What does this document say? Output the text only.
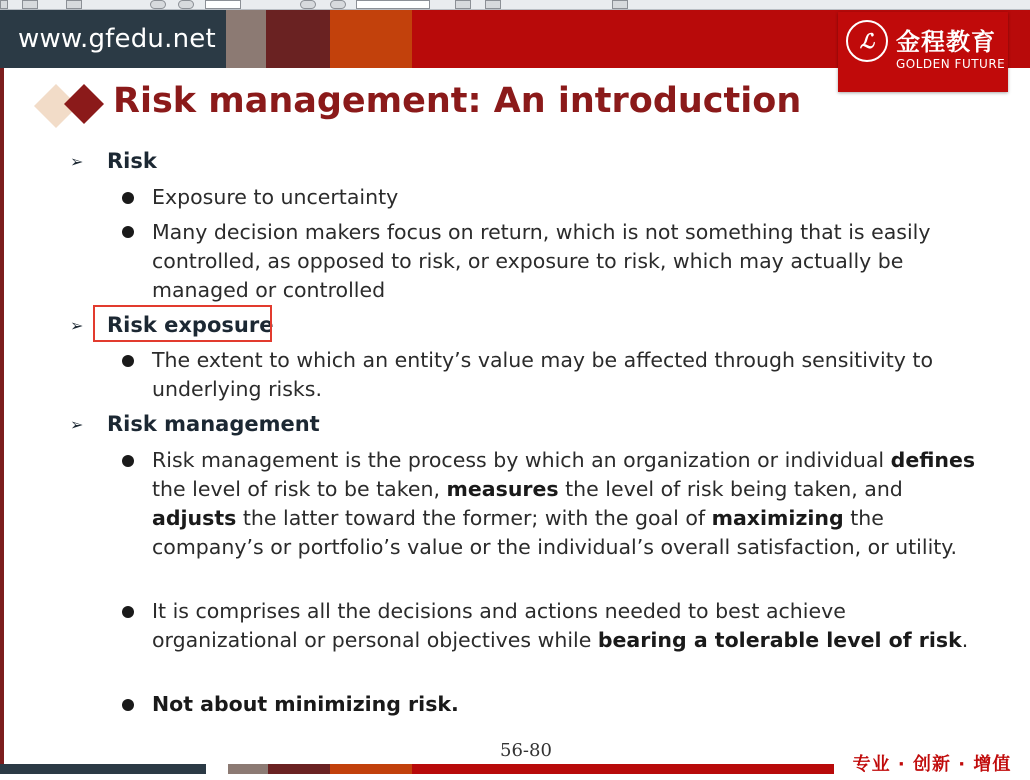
www.gfedu.net	ℒ 金程教育
GOLDEN FUTURE
Risk management: An introduction
➢ Risk
Exposure to uncertainty
Many decision makers focus on return, which is not something that is easily controlled, as opposed to risk, or exposure to risk, which may actually be managed or controlled
➢ Risk exposure
The extent to which an entity’s value may be affected through sensitivity to underlying risks.
➢ Risk management
Risk management is the process by which an organization or individual defines the level of risk to be taken, measures the level of risk being taken, and adjusts the latter toward the former; with the goal of maximizing the company’s or portfolio’s value or the individual’s overall satisfaction, or utility.
It is comprises all the decisions and actions needed to best achieve organizational or personal objectives while bearing a tolerable level of risk.
Not about minimizing risk.
56-80
专业 · 创新 · 增值
